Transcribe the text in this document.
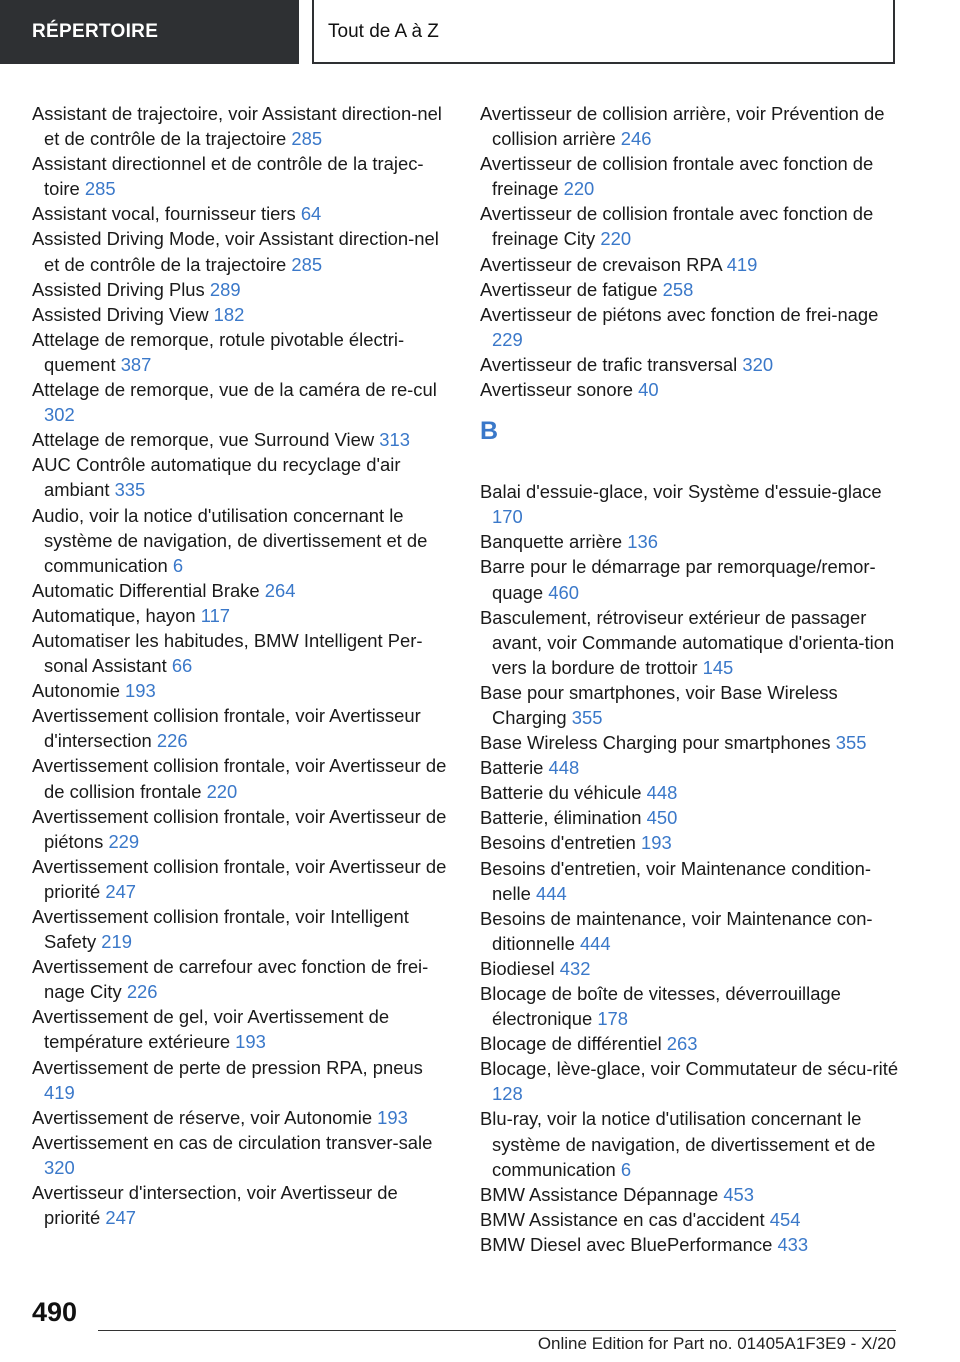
RÉPERTOIRE	Tout de A à Z
Assistant de trajectoire, voir Assistant direction-nel et de contrôle de la trajectoire 285
Assistant directionnel et de contrôle de la trajec-toire 285
Assistant vocal, fournisseur tiers 64
Assisted Driving Mode, voir Assistant direction-nel et de contrôle de la trajectoire 285
Assisted Driving Plus 289
Assisted Driving View 182
Attelage de remorque, rotule pivotable électri-quement 387
Attelage de remorque, vue de la caméra de re-cul 302
Attelage de remorque, vue Surround View 313
AUC Contrôle automatique du recyclage d'air ambiant 335
Audio, voir la notice d'utilisation concernant le système de navigation, de divertissement et de communication 6
Automatic Differential Brake 264
Automatique, hayon 117
Automatiser les habitudes, BMW Intelligent Per-sonal Assistant 66
Autonomie 193
Avertissement collision frontale, voir Avertisseur d'intersection 226
Avertissement collision frontale, voir Avertisseur de de collision frontale 220
Avertissement collision frontale, voir Avertisseur de piétons 229
Avertissement collision frontale, voir Avertisseur de priorité 247
Avertissement collision frontale, voir Intelligent Safety 219
Avertissement de carrefour avec fonction de frei-nage City 226
Avertissement de gel, voir Avertissement de température extérieure 193
Avertissement de perte de pression RPA, pneus 419
Avertissement de réserve, voir Autonomie 193
Avertissement en cas de circulation transver-sale 320
Avertisseur d'intersection, voir Avertisseur de priorité 247
Avertisseur de collision arrière, voir Prévention de collision arrière 246
Avertisseur de collision frontale avec fonction de freinage 220
Avertisseur de collision frontale avec fonction de freinage City 220
Avertisseur de crevaison RPA 419
Avertisseur de fatigue 258
Avertisseur de piétons avec fonction de frei-nage 229
Avertisseur de trafic transversal 320
Avertisseur sonore 40
B
Balai d'essuie-glace, voir Système d'essuie-glace 170
Banquette arrière 136
Barre pour le démarrage par remorquage/remor-quage 460
Basculement, rétroviseur extérieur de passager avant, voir Commande automatique d'orienta-tion vers la bordure de trottoir 145
Base pour smartphones, voir Base Wireless Charging 355
Base Wireless Charging pour smartphones 355
Batterie 448
Batterie du véhicule 448
Batterie, élimination 450
Besoins d'entretien 193
Besoins d'entretien, voir Maintenance condition-nelle 444
Besoins de maintenance, voir Maintenance con-ditionnelle 444
Biodiesel 432
Blocage de boîte de vitesses, déverrouillage électronique 178
Blocage de différentiel 263
Blocage, lève-glace, voir Commutateur de sécu-rité 128
Blu-ray, voir la notice d'utilisation concernant le système de navigation, de divertissement et de communication 6
BMW Assistance Dépannage 453
BMW Assistance en cas d'accident 454
BMW Diesel avec BluePerformance 433
490
Online Edition for Part no. 01405A1F3E9 - X/20
